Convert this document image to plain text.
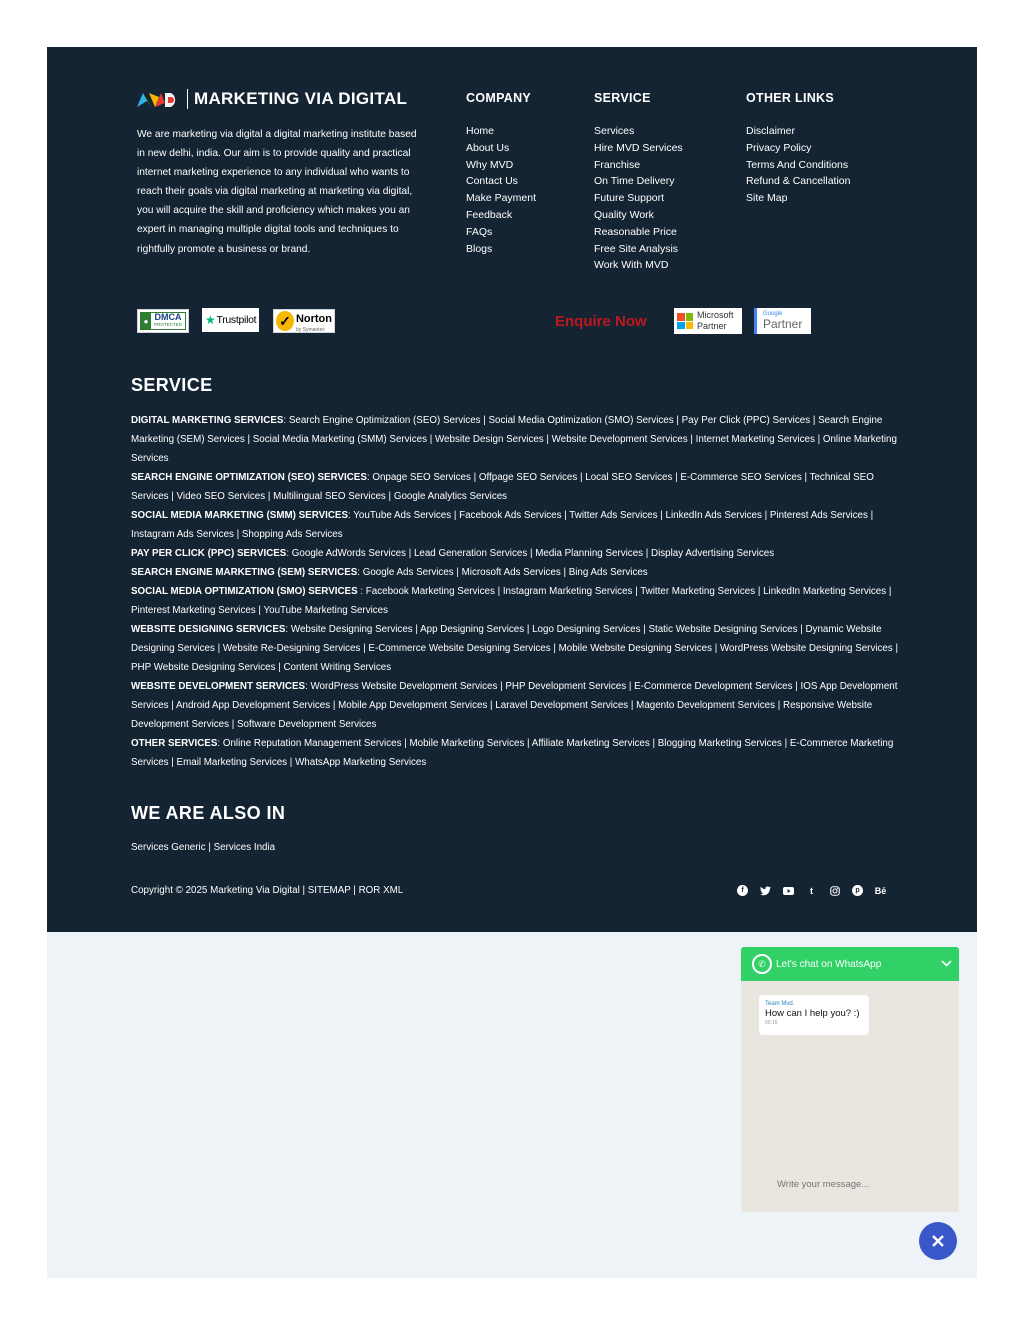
MARKETING VIA DIGITAL

We are marketing via digital a digital marketing institute based in new delhi, india. Our aim is to provide quality and practical internet marketing experience to any individual who wants to reach their goals via digital marketing at marketing via digital, you will acquire the skill and proficiency which makes you an expert in managing multiple digital tools and techniques to rightfully promote a business or brand.

COMPANY
Home
About Us
Why MVD
Contact Us
Make Payment
Feedback
FAQs
Blogs
SERVICE
Services
Hire MVD Services
Franchise
On Time Delivery
Future Support
Quality Work
Reasonable Price
Free Site Analysis
Work With MVD
OTHER LINKS
Disclaimer
Privacy Policy
Terms And Conditions
Refund & Cancellation
Site Map
● DMCA
PROTECTED ★ Trustpilot ✓ Norton
by Symantec	Enquire Now	Microsoft
Partner
Google
Partner
SERVICE
DIGITAL MARKETING SERVICES: Search Engine Optimization (SEO) Services | Social Media Optimization (SMO) Services | Pay Per Click (PPC) Services | Search Engine Marketing (SEM) Services | Social Media Marketing (SMM) Services | Website Design Services | Website Development Services | Internet Marketing Services | Online Marketing Services
SEARCH ENGINE OPTIMIZATION (SEO) SERVICES: Onpage SEO Services | Offpage SEO Services | Local SEO Services | E-Commerce SEO Services | Technical SEO Services | Video SEO Services | Multilingual SEO Services | Google Analytics Services
SOCIAL MEDIA MARKETING (SMM) SERVICES: YouTube Ads Services | Facebook Ads Services | Twitter Ads Services | LinkedIn Ads Services | Pinterest Ads Services | Instagram Ads Services | Shopping Ads Services
PAY PER CLICK (PPC) SERVICES: Google AdWords Services | Lead Generation Services | Media Planning Services | Display Advertising Services
SEARCH ENGINE MARKETING (SEM) SERVICES: Google Ads Services | Microsoft Ads Services | Bing Ads Services
SOCIAL MEDIA OPTIMIZATION (SMO) SERVICES : Facebook Marketing Services | Instagram Marketing Services | Twitter Marketing Services | LinkedIn Marketing Services | Pinterest Marketing Services | YouTube Marketing Services
WEBSITE DESIGNING SERVICES: Website Designing Services | App Designing Services | Logo Designing Services | Static Website Designing Services | Dynamic Website Designing Services | Website Re-Designing Services | E-Commerce Website Designing Services | Mobile Website Designing Services | WordPress Website Designing Services | PHP Website Designing Services | Content Writing Services
WEBSITE DEVELOPMENT SERVICES: WordPress Website Development Services | PHP Development Services | E-Commerce Development Services | IOS App Development Services | Android App Development Services | Mobile App Development Services | Laravel Development Services | Magento Development Services | Responsive Website Development Services | Software Development Services
OTHER SERVICES: Online Reputation Management Services | Mobile Marketing Services | Affiliate Marketing Services | Blogging Marketing Services | E-Commerce Marketing Services | Email Marketing Services | WhatsApp Marketing Services
WE ARE ALSO IN
Services Generic | Services India
Copyright © 2025 Marketing Via Digital | SITEMAP | ROR XML	f	t	p	Bē
✆	Let's chat on WhatsApp
Team Mvd.
How can I help you? :)
05:16
Write your message...
